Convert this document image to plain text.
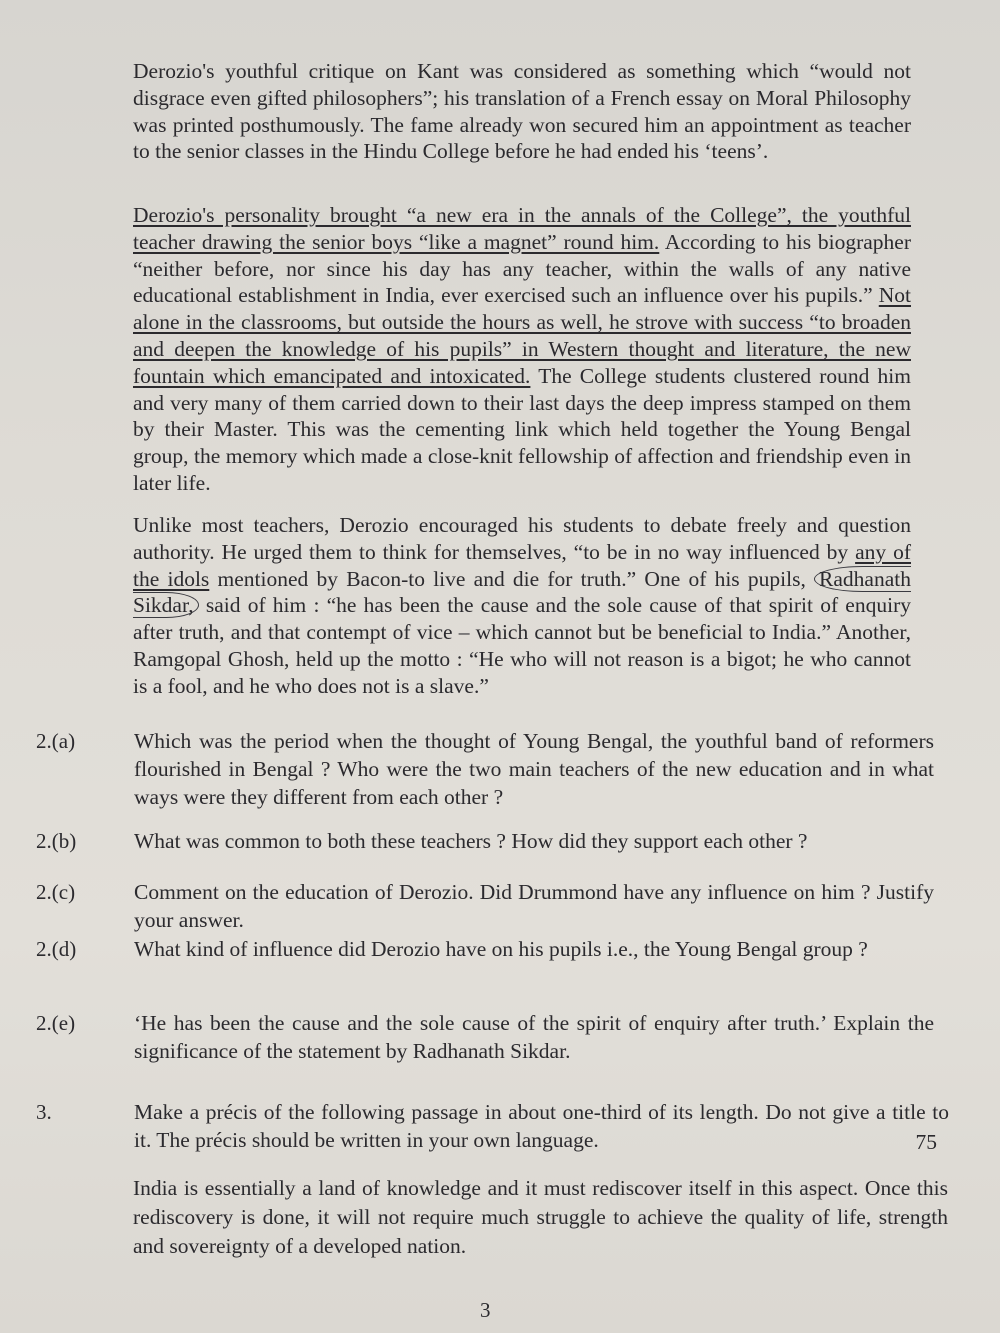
Derozio's youthful critique on Kant was considered as something which “would not disgrace even gifted philosophers”; his translation of a French essay on Moral Philosophy was printed posthumously. The fame already won secured him an appointment as teacher to the senior classes in the Hindu College before he had ended his ‘teens’.

Derozio's personality brought “a new era in the annals of the College”, the youthful teacher drawing the senior boys “like a magnet” round him. According to his biographer “neither before, nor since his day has any teacher, within the walls of any native educational establishment in India, ever exercised such an influence over his pupils.” Not alone in the classrooms, but outside the hours as well, he strove with success “to broaden and deepen the knowledge of his pupils” in Western thought and literature, the new fountain which emancipated and intoxicated. The College students clustered round him and very many of them carried down to their last days the deep impress stamped on them by their Master. This was the cementing link which held together the Young Bengal group, the memory which made a close-knit fellowship of affection and friendship even in later life.

Unlike most teachers, Derozio encouraged his students to debate freely and question authority. He urged them to think for themselves, “to be in no way influenced by any of the idols mentioned by Bacon-to live and die for truth.” One of his pupils, Radhanath Sikdar, said of him : “he has been the cause and the sole cause of that spirit of enquiry after truth, and that contempt of vice – which cannot but be beneficial to India.” Another, Ramgopal Ghosh, held up the motto : “He who will not reason is a bigot; he who cannot is a fool, and he who does not is a slave.”

2.(a)	Which was the period when the thought of Young Bengal, the youthful band of reformers flourished in Bengal ? Who were the two main teachers of the new education and in what ways were they different from each other ?

2.(b)	What was common to both these teachers ? How did they support each other ?

2.(c)	Comment on the education of Derozio. Did Drummond have any influence on him ? Justify your answer.

2.(d)	What kind of influence did Derozio have on his pupils i.e., the Young Bengal group ?

2.(e)	‘He has been the cause and the sole cause of the spirit of enquiry after truth.’ Explain the significance of the statement by Radhanath Sikdar.

3.	Make a précis of the following passage in about one-third of its length. Do not give a title to it. The précis should be written in your own language.	75

India is essentially a land of knowledge and it must rediscover itself in this aspect. Once this rediscovery is done, it will not require much struggle to achieve the quality of life, strength and sovereignty of a developed nation.

3
